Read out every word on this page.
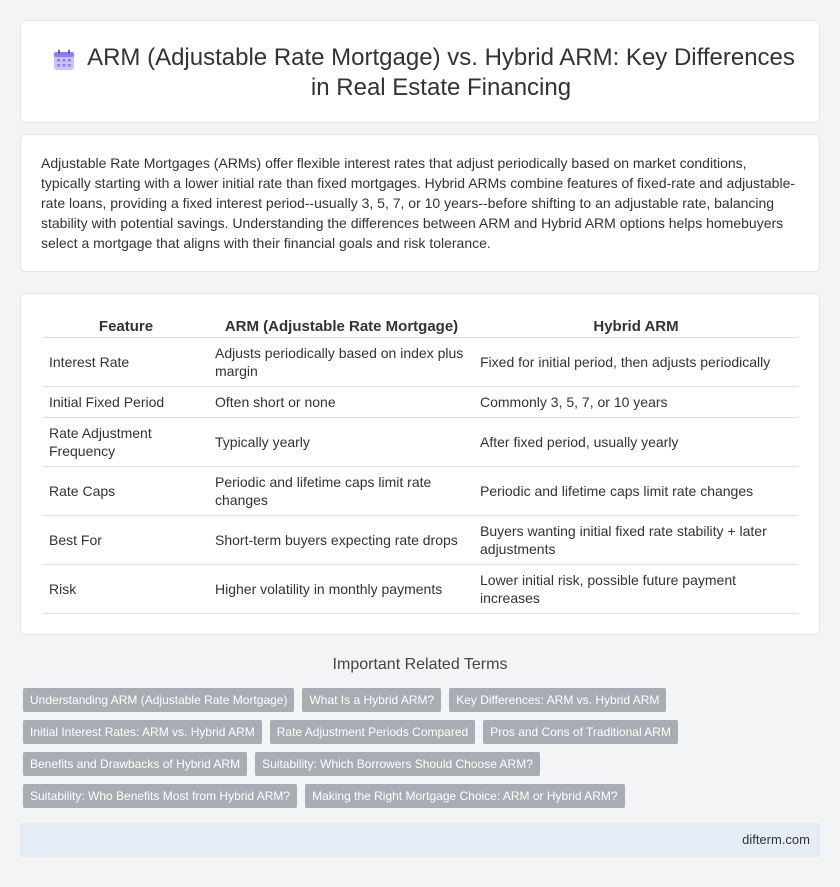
ARM (Adjustable Rate Mortgage) vs. Hybrid ARM: Key Differences in Real Estate Financing

Adjustable Rate Mortgages (ARMs) offer flexible interest rates that adjust periodically based on market conditions, typically starting with a lower initial rate than fixed mortgages. Hybrid ARMs combine features of fixed-rate and adjustable-rate loans, providing a fixed interest period--usually 3, 5, 7, or 10 years--before shifting to an adjustable rate, balancing stability with potential savings. Understanding the differences between ARM and Hybrid ARM options helps homebuyers select a mortgage that aligns with their financial goals and risk tolerance.

Feature	ARM (Adjustable Rate Mortgage)	Hybrid ARM
Interest Rate	Adjusts periodically based on index plus margin	Fixed for initial period, then adjusts periodically
Initial Fixed Period	Often short or none	Commonly 3, 5, 7, or 10 years
Rate Adjustment Frequency	Typically yearly	After fixed period, usually yearly
Rate Caps	Periodic and lifetime caps limit rate changes	Periodic and lifetime caps limit rate changes
Best For	Short-term buyers expecting rate drops	Buyers wanting initial fixed rate stability + later adjustments
Risk	Higher volatility in monthly payments	Lower initial risk, possible future payment increases
Important Related Terms
Understanding ARM (Adjustable Rate Mortgage)	What Is a Hybrid ARM?	Key Differences: ARM vs. Hybrid ARM
Initial Interest Rates: ARM vs. Hybrid ARM	Rate Adjustment Periods Compared	Pros and Cons of Traditional ARM
Benefits and Drawbacks of Hybrid ARM	Suitability: Which Borrowers Should Choose ARM?
Suitability: Who Benefits Most from Hybrid ARM?	Making the Right Mortgage Choice: ARM or Hybrid ARM?
difterm.com
